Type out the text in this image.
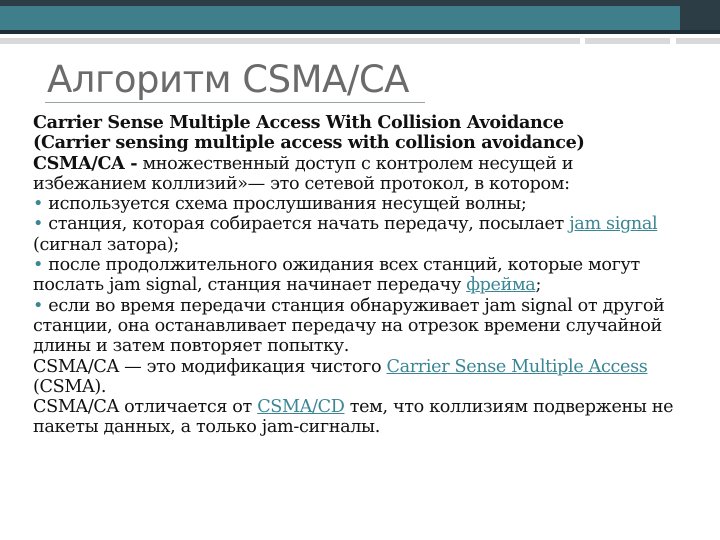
Алгоритм CSMA/CA

Carrier Sense Multiple Access With Collision Avoidance

(Carrier sensing multiple access with collision avoidance)

CSMA/CA - множественный доступ с контролем несущей и избежанием коллизий»— это сетевой протокол, в котором:

• используется схема прослушивания несущей волны;

• станция, которая собирается начать передачу, посылает jam signal (сигнал затора);

• после продолжительного ожидания всех станций, которые могут послать jam signal, станция начинает передачу фрейма;

• если во время передачи станция обнаруживает jam signal от другой станции, она останавливает передачу на отрезок времени случайной длины и затем повторяет попытку.

CSMA/CA — это модификация чистого Carrier Sense Multiple Access (CSMA).

CSMA/CA отличается от CSMA/CD тем, что коллизиям подвержены не пакеты данных, а только jam-сигналы.
